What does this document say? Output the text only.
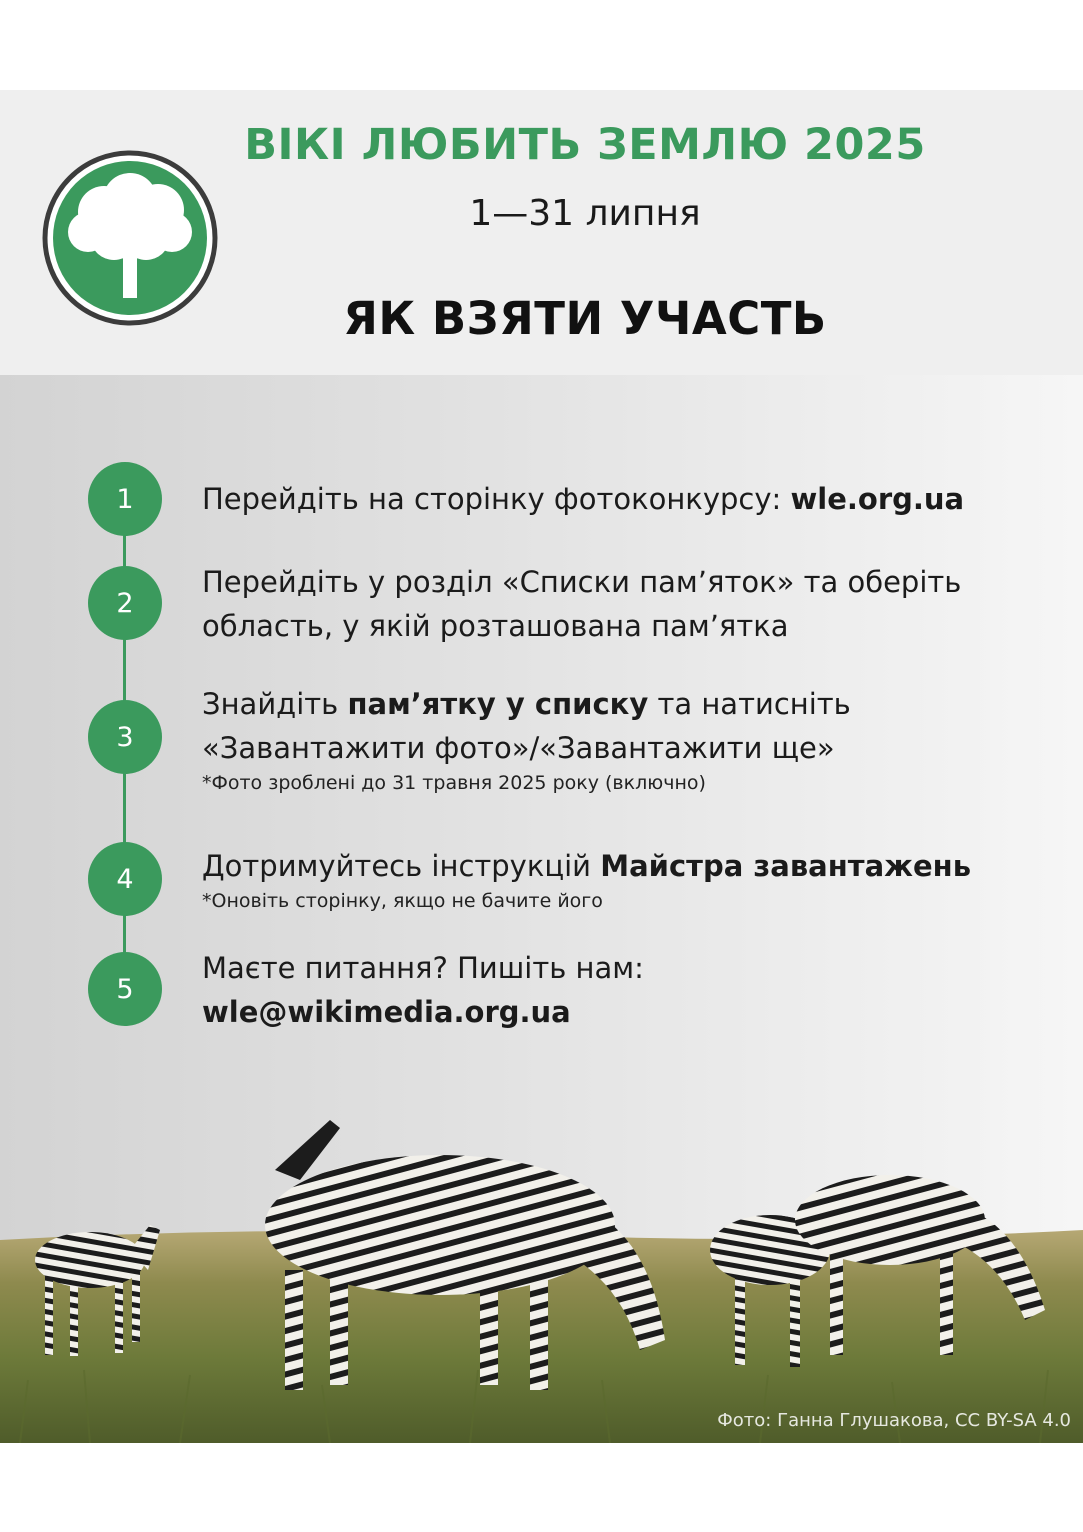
ВІКІ ЛЮБИТЬ ЗЕМЛЮ 2025
1—31 липня
ЯК ВЗЯТИ УЧАСТЬ
1	Перейдіть на сторінку фотоконкурсу: wle.org.ua
2
Перейдіть у розділ «Списки пам’яток» та оберіть область, у якій розташована пам’ятка
3
Знайдіть пам’ятку у списку та натисніть «Завантажити фото»/«Завантажити ще»
*Фото зроблені до 31 травня 2025 року (включно)
4	Дотримуйтесь інструкцій Майстра завантажень
*Оновіть сторінку, якщо не бачите його
5
Маєте питання? Пишіть нам:
wle@wikimedia.org.ua
Фото: Ганна Глушакова, CC BY-SA 4.0
